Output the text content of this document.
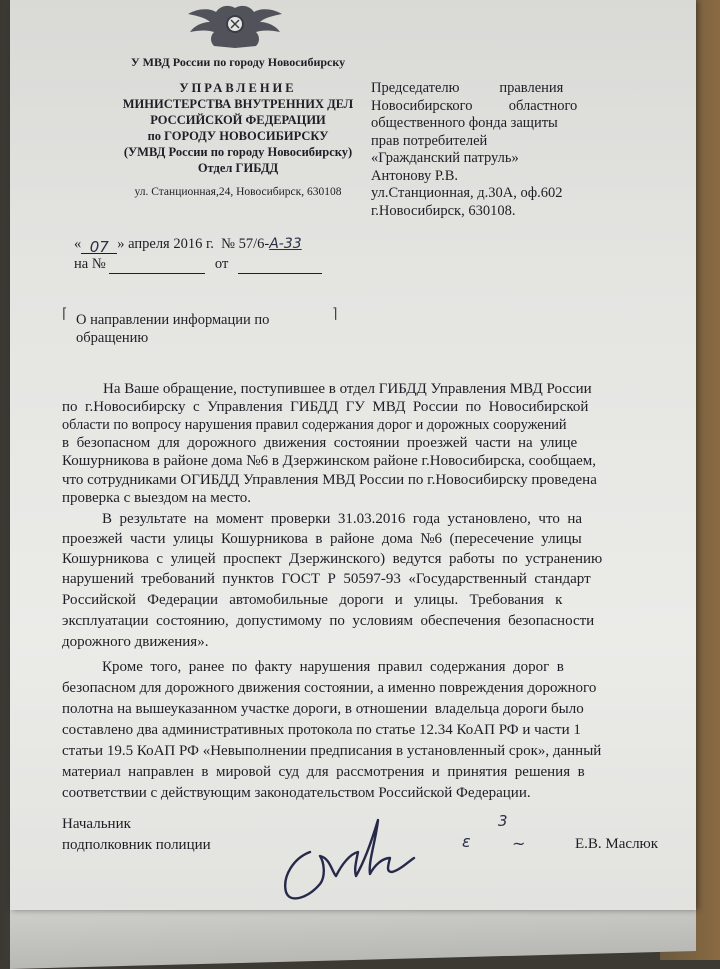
У МВД России по городу Новосибирску
УПРАВЛЕНИЕ
МИНИСТЕРСТВА ВНУТРЕННИХ ДЕЛ
РОССИЙСКОЙ ФЕДЕРАЦИИ
по ГОРОДУ НОВОСИБИРСКУ
(УМВД России по городу Новосибирску)
Отдел ГИБДД
ул. Станционная,24, Новосибирск, 630108
Председателю           правления
Новосибирского          областного
общественного фонда защиты
прав потребителей
«Гражданский патруль»
Антонову Р.В.
ул.Станционная, д.30А, оф.602
г.Новосибирск, 630108.
« 07 » апреля 2016 г.  № 57/6-А-33
на №	от
⌈	⌉
О направлении информации по
обращению
На Ваше обращение, поступившее в отдел ГИБДД Управления МВД России
по  г.Новосибирску  с  Управления  ГИБДД  ГУ  МВД  России  по  Новосибирской
области по вопросу нарушения правил содержания дорог и дорожных сооружений
в  безопасном  для  дорожного  движения  состоянии  проезжей  части  на  улице
Кошурникова в районе дома №6 в Дзержинском районе г.Новосибирска, сообщаем,
что сотрудниками ОГИБДД Управления МВД России по г.Новосибирску проведена
проверка с выездом на место.
В  результате  на  момент  проверки  31.03.2016  года  установлено,  что  на
проезжей  части  улицы  Кошурникова  в  районе  дома  №6  (пересечение  улицы
Кошурникова  с  улицей  проспект  Дзержинского)  ведутся  работы  по  устранению
нарушений  требований  пунктов  ГОСТ  Р  50597-93  «Государственный  стандарт
Российской   Федерации   автомобильные   дороги   и   улицы.   Требования   к
эксплуатации  состоянию,  допустимому  по  условиям  обеспечения  безопасности
дорожного движения».
Кроме  того,  ранее  по  факту  нарушения  правил  содержания  дорог  в
безопасном для дорожного движения состоянии, а именно повреждения дорожного
полотна на вышеуказанном участке дороги, в отношении  владельца дороги было
составлено два административных протокола по статье 12.34 КоАП РФ и части 1
статьи 19.5 КоАП РФ «Невыполнении предписания в установленный срок», данный
материал  направлен  в  мировой  суд  для  рассмотрения  и  принятия  решения  в
соответствии с действующим законодательством Российской Федерации.
Начальник
подполковник полиции	ε
3
~	Е.В. Маслюк
